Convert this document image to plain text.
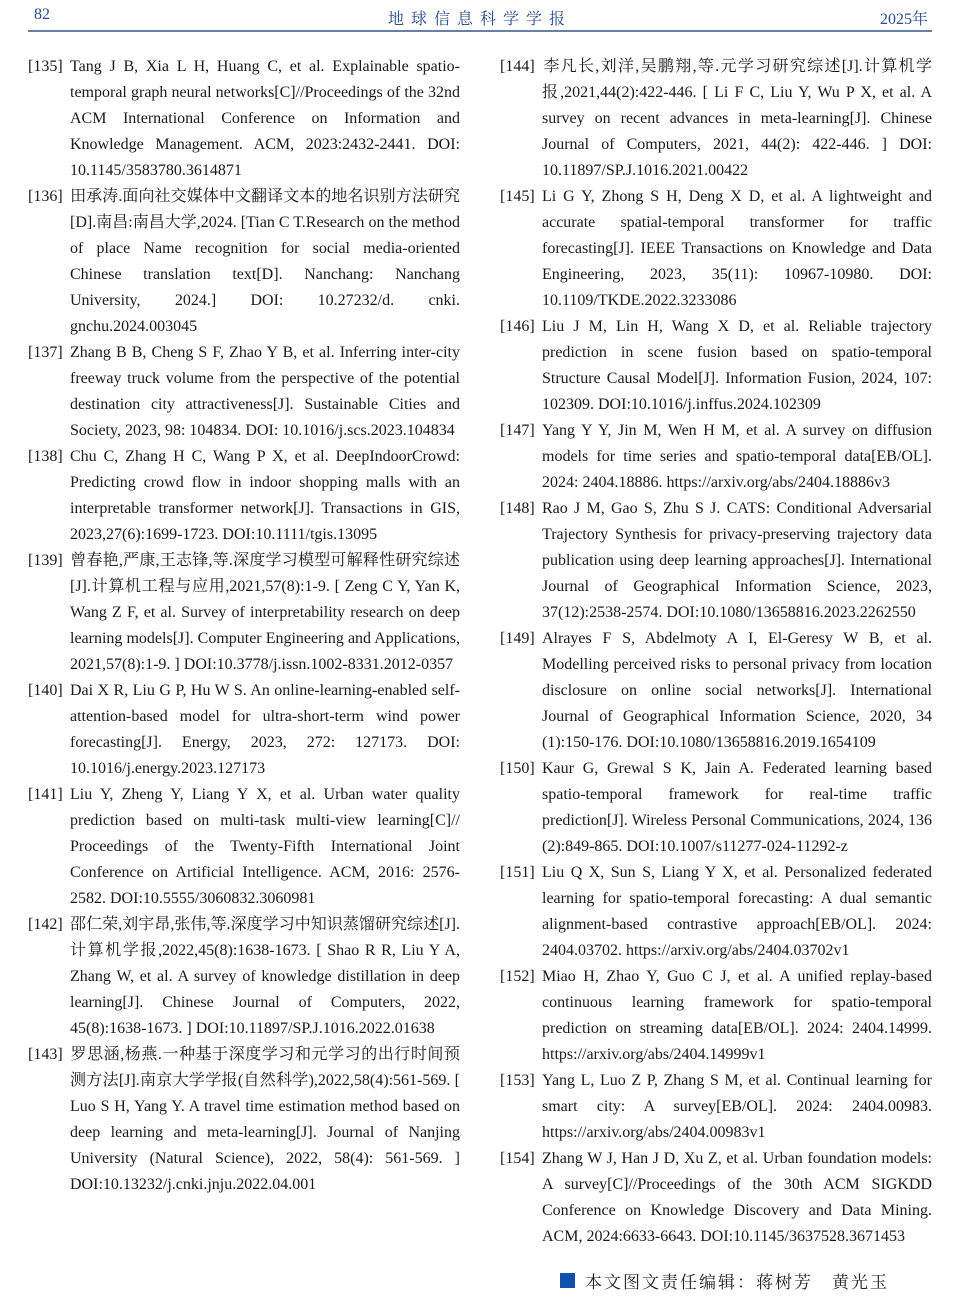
82	地球信息科学学报	2025年
[135] Tang J B, Xia L H, Huang C, et al. Explainable spatio-temporal graph neural networks[C]//Proceedings of the 32nd ACM International Conference on Information and Knowledge Management. ACM, 2023:2432-2441. DOI: 10.1145/3583780.3614871
[136] 田承涛.面向社交媒体中文翻译文本的地名识别方法研究[D].南昌:南昌大学,2024. [Tian C T.Research on the method of place Name recognition for social media-oriented Chinese translation text[D]. Nanchang: Nanchang University, 2024.] DOI: 10.27232/d. cnki. gnchu.2024.003045
[137] Zhang B B, Cheng S F, Zhao Y B, et al. Inferring inter-city freeway truck volume from the perspective of the potential destination city attractiveness[J]. Sustainable Cities and Society, 2023, 98: 104834. DOI: 10.1016/j.scs.2023.104834
[138] Chu C, Zhang H C, Wang P X, et al. DeepIndoorCrowd: Predicting crowd flow in indoor shopping malls with an interpretable transformer network[J]. Transactions in GIS, 2023,27(6):1699-1723. DOI:10.1111/tgis.13095
[139] 曾春艳,严康,王志锋,等.深度学习模型可解释性研究综述[J].计算机工程与应用,2021,57(8):1-9. [ Zeng C Y, Yan K, Wang Z F, et al. Survey of interpretability research on deep learning models[J]. Computer Engineering and Applications, 2021,57(8):1-9. ] DOI:10.3778/j.issn.1002-8331.2012-0357
[140] Dai X R, Liu G P, Hu W S. An online-learning-enabled self-attention-based model for ultra-short-term wind power forecasting[J]. Energy, 2023, 272: 127173. DOI: 10.1016/j.energy.2023.127173
[141] Liu Y, Zheng Y, Liang Y X, et al. Urban water quality prediction based on multi-task multi-view learning[C]// Proceedings of the Twenty-Fifth International Joint Conference on Artificial Intelligence. ACM, 2016: 2576-2582. DOI:10.5555/3060832.3060981
[142] 邵仁荣,刘宇昂,张伟,等.深度学习中知识蒸馏研究综述[J].计算机学报,2022,45(8):1638-1673. [ Shao R R, Liu Y A, Zhang W, et al. A survey of knowledge distillation in deep learning[J]. Chinese Journal of Computers, 2022, 45(8):1638-1673. ] DOI:10.11897/SP.J.1016.2022.01638
[143] 罗思涵,杨燕.一种基于深度学习和元学习的出行时间预测方法[J].南京大学学报(自然科学),2022,58(4):561-569. [ Luo S H, Yang Y. A travel time estimation method based on deep learning and meta-learning[J]. Journal of Nanjing University (Natural Science), 2022, 58(4): 561-569. ] DOI:10.13232/j.cnki.jnju.2022.04.001
[144] 李凡长,刘洋,吴鹏翔,等.元学习研究综述[J].计算机学报,2021,44(2):422-446. [ Li F C, Liu Y, Wu P X, et al. A survey on recent advances in meta-learning[J]. Chinese Journal of Computers, 2021, 44(2): 422-446. ] DOI: 10.11897/SP.J.1016.2021.00422
[145] Li G Y, Zhong S H, Deng X D, et al. A lightweight and accurate spatial-temporal transformer for traffic forecasting[J]. IEEE Transactions on Knowledge and Data Engineering, 2023, 35(11): 10967-10980. DOI: 10.1109/TKDE.2022.3233086
[146] Liu J M, Lin H, Wang X D, et al. Reliable trajectory prediction in scene fusion based on spatio-temporal Structure Causal Model[J]. Information Fusion, 2024, 107: 102309. DOI:10.1016/j.inffus.2024.102309
[147] Yang Y Y, Jin M, Wen H M, et al. A survey on diffusion models for time series and spatio-temporal data[EB/OL]. 2024: 2404.18886. https://arxiv.org/abs/2404.18886v3
[148] Rao J M, Gao S, Zhu S J. CATS: Conditional Adversarial Trajectory Synthesis for privacy-preserving trajectory data publication using deep learning approaches[J]. International Journal of Geographical Information Science, 2023, 37(12):2538-2574. DOI:10.1080/13658816.2023.2262550
[149] Alrayes F S, Abdelmoty A I, El-Geresy W B, et al. Modelling perceived risks to personal privacy from location disclosure on online social networks[J]. International Journal of Geographical Information Science, 2020, 34 (1):150-176. DOI:10.1080/13658816.2019.1654109
[150] Kaur G, Grewal S K, Jain A. Federated learning based spatio-temporal framework for real-time traffic prediction[J]. Wireless Personal Communications, 2024, 136 (2):849-865. DOI:10.1007/s11277-024-11292-z
[151] Liu Q X, Sun S, Liang Y X, et al. Personalized federated learning for spatio-temporal forecasting: A dual semantic alignment-based contrastive approach[EB/OL]. 2024: 2404.03702. https://arxiv.org/abs/2404.03702v1
[152] Miao H, Zhao Y, Guo C J, et al. A unified replay-based continuous learning framework for spatio-temporal prediction on streaming data[EB/OL]. 2024: 2404.14999. https://arxiv.org/abs/2404.14999v1
[153] Yang L, Luo Z P, Zhang S M, et al. Continual learning for smart city: A survey[EB/OL]. 2024: 2404.00983. https://arxiv.org/abs/2404.00983v1
[154] Zhang W J, Han J D, Xu Z, et al. Urban foundation models: A survey[C]//Proceedings of the 30th ACM SIGKDD Conference on Knowledge Discovery and Data Mining. ACM, 2024:6633-6643. DOI:10.1145/3637528.3671453
本文图文责任编辑：蒋树芳　黄光玉
